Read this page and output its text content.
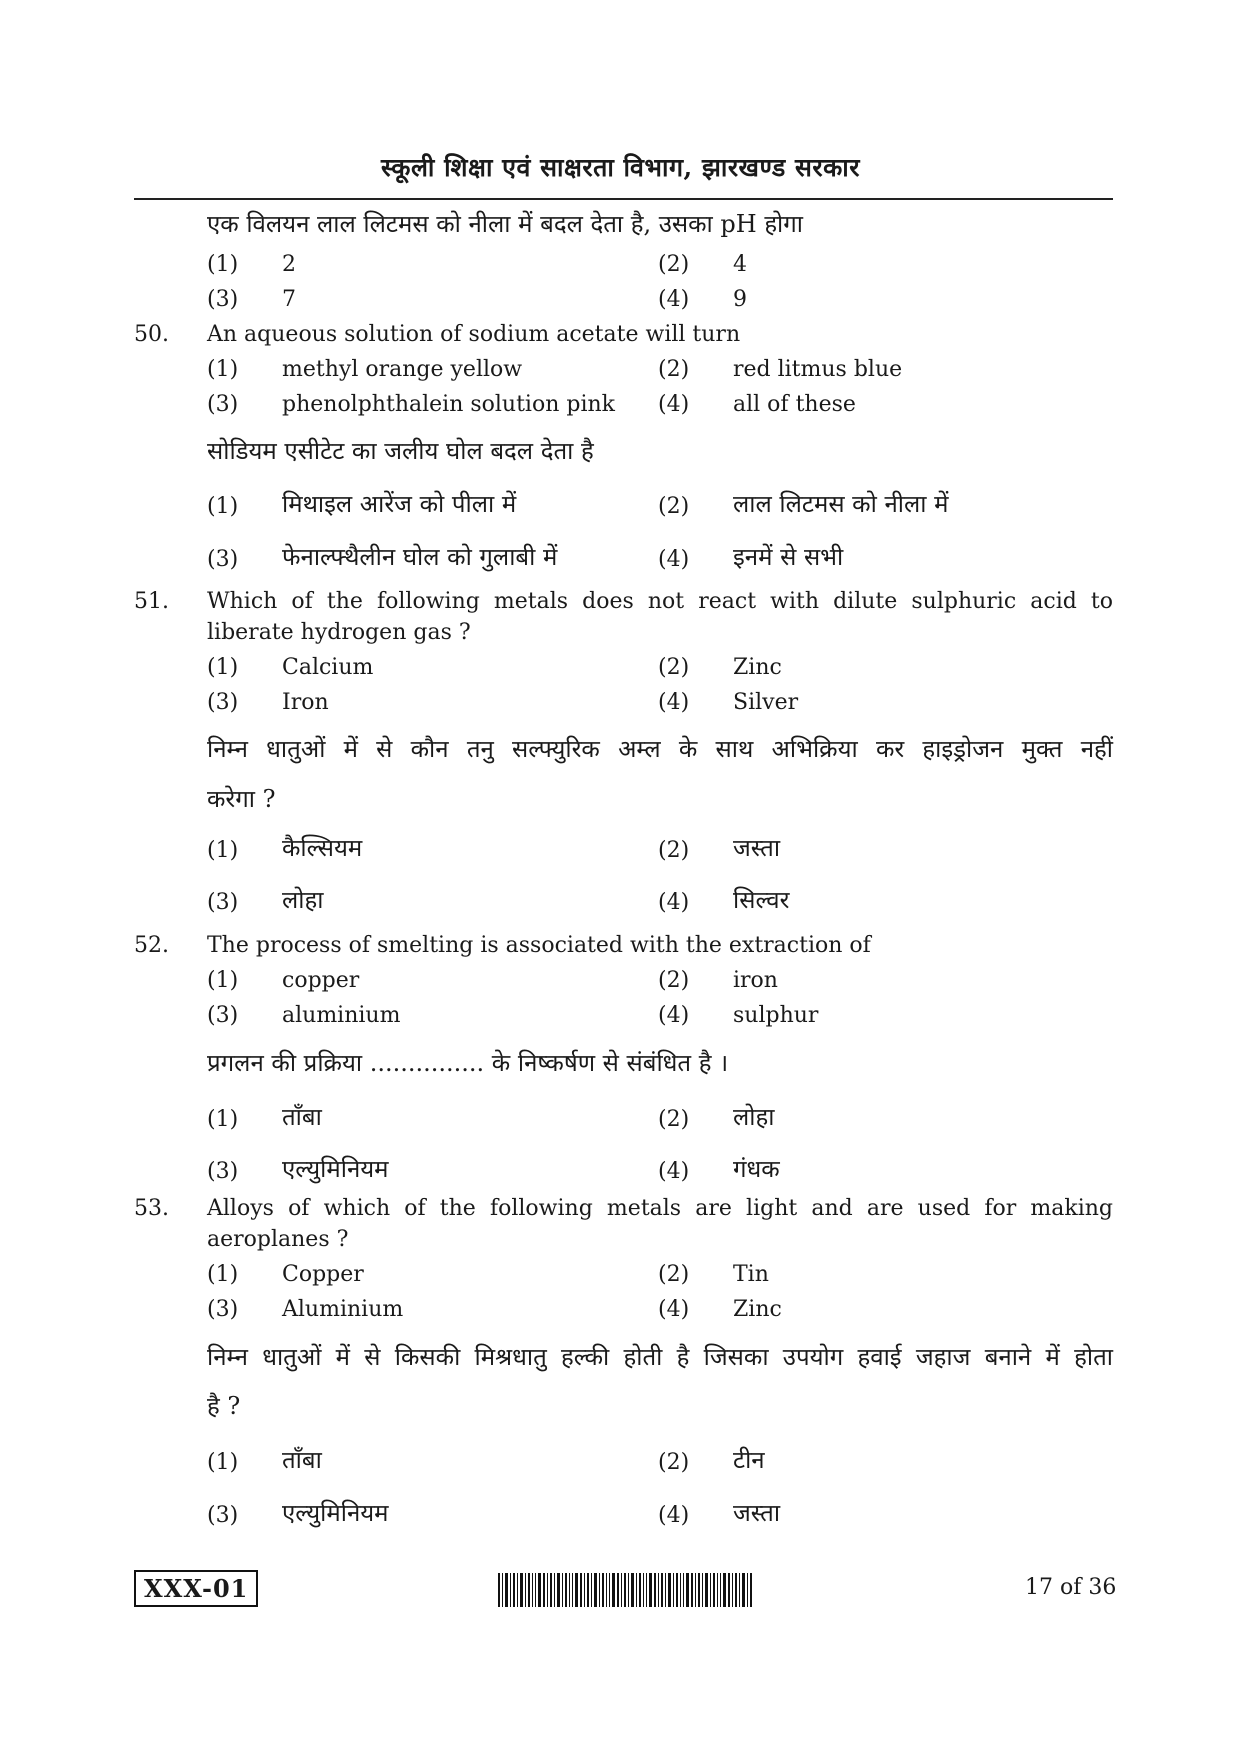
स्कूली शिक्षा एवं साक्षरता विभाग, झारखण्ड सरकार
एक विलयन लाल लिटमस को नीला में बदल देता है, उसका pH होगा
(1) 2	(2) 4
(3) 7	(4) 9
50. An aqueous solution of sodium acetate will turn
(1) methyl orange yellow	(2) red litmus blue
(3) phenolphthalein solution pink (4) all of these
सोडियम एसीटेट का जलीय घोल बदल देता है
(1) मिथाइल आरेंज को पीला में	(2) लाल लिटमस को नीला में
(3) फेनाल्फ्थैलीन घोल को गुलाबी में	(4) इनमें से सभी
51. Which of the following metals does not react with dilute sulphuric acid to
liberate hydrogen gas ?
(1) Calcium	(2) Zinc
(3) Iron	(4) Silver
निम्न धातुओं में से कौन तनु सल्फ्युरिक अम्ल के साथ अभिक्रिया कर हाइड्रोजन मुक्त नहीं
करेगा ?
(1) कैल्सियम	(2) जस्ता
(3) लोहा	(4) सिल्वर
52. The process of smelting is associated with the extraction of
(1) copper	(2) iron
(3) aluminium	(4) sulphur
प्रगलन की प्रक्रिया ............... के निष्कर्षण से संबंधित है ।
(1) ताँबा	(2) लोहा
(3) एल्युमिनियम	(4) गंधक
53. Alloys of which of the following metals are light and are used for making
aeroplanes ?
(1) Copper	(2) Tin
(3) Aluminium	(4) Zinc
निम्न धातुओं में से किसकी मिश्रधातु हल्की होती है जिसका उपयोग हवाई जहाज बनाने में होता
है ?
(1) ताँबा	(2) टीन
(3) एल्युमिनियम	(4) जस्ता
XXX-01	17 of 36
